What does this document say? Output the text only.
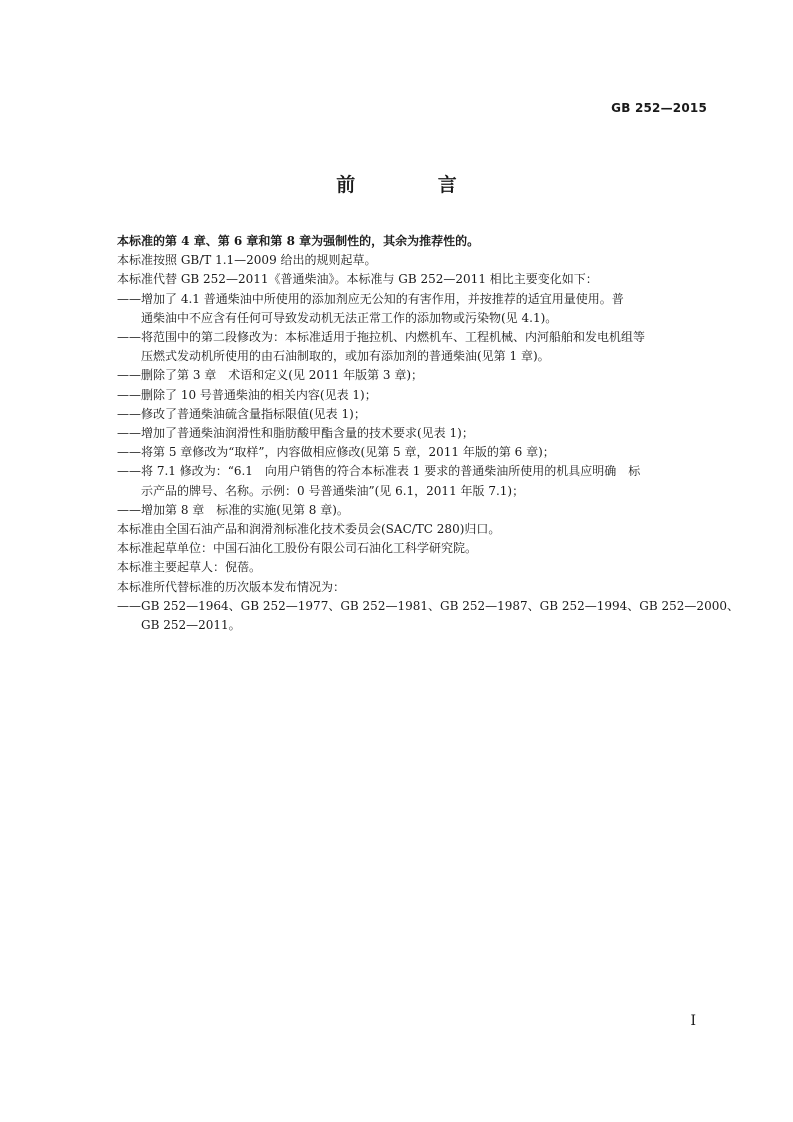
GB 252—2015
前 言

本标准的第 4 章、第 6 章和第 8 章为强制性的，其余为推荐性的。

本标准按照 GB/T 1.1—2009 给出的规则起草。

本标准代替 GB 252—2011《普通柴油》。本标准与 GB 252—2011 相比主要变化如下：

—— 增加了 4.1 普通柴油中所使用的添加剂应无公知的有害作用，并按推荐的适宜用量使用。普
通柴油中不应含有任何可导致发动机无法正常工作的添加物或污染物(见 4.1)。
—— 将范围中的第二段修改为：本标准适用于拖拉机、内燃机车、工程机械、内河船舶和发电机组等
压燃式发动机所使用的由石油制取的，或加有添加剂的普通柴油(见第 1 章)。
—— 删除了第 3 章　术语和定义(见 2011 年版第 3 章)；
—— 删除了 10 号普通柴油的相关内容(见表 1)；
—— 修改了普通柴油硫含量指标限值(见表 1)；
—— 增加了普通柴油润滑性和脂肪酸甲酯含量的技术要求(见表 1)；
—— 将第 5 章修改为“取样”，内容做相应修改(见第 5 章，2011 年版的第 6 章)；
—— 将 7.1 修改为：“6.1　向用户销售的符合本标准表 1 要求的普通柴油所使用的机具应明确　标
示产品的牌号、名称。示例：0 号普通柴油”(见 6.1，2011 年版 7.1)；
—— 增加第 8 章　标准的实施(见第 8 章)。

本标准由全国石油产品和润滑剂标准化技术委员会(SAC/TC 280)归口。

本标准起草单位：中国石油化工股份有限公司石油化工科学研究院。

本标准主要起草人：倪蓓。

本标准所代替标准的历次版本发布情况为：

—— GB 252—1964、GB 252—1977、GB 252—1981、GB 252—1987、GB 252—1994、GB 252—2000、
GB 252—2011。
I
